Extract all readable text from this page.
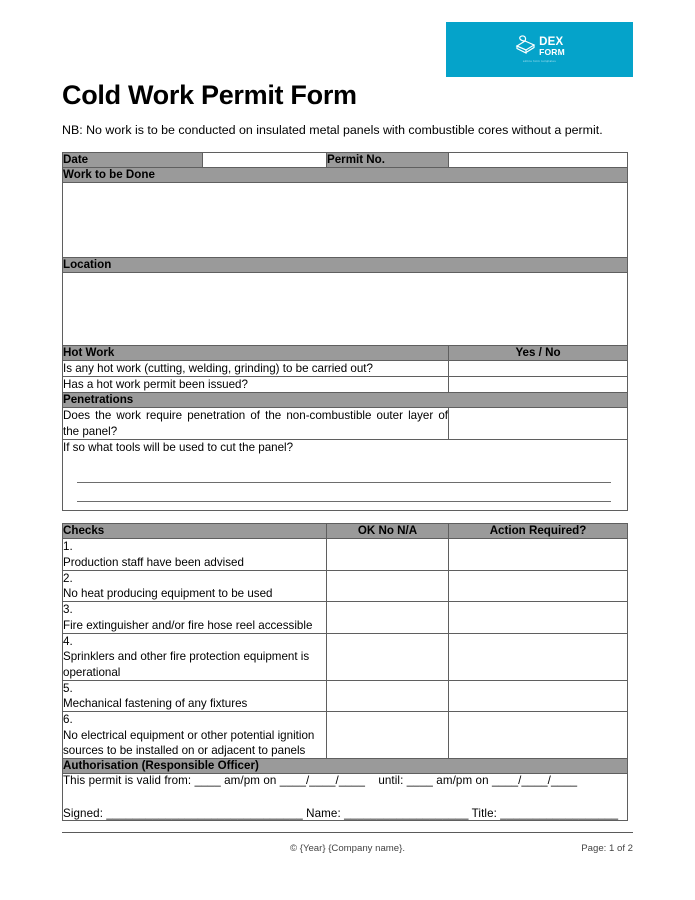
DEX
FORM
online form templates
Cold Work Permit Form

NB: No work is to be conducted on insulated metal panels with combustible cores without a permit.

Date		Permit No.	
Work to be Done			

Location			

Hot Work			Yes / No
Is any hot work (cutting, welding, grinding) to be carried out?			
Has a hot work permit been issued?			
Penetrations			
Does the work require penetration of the non-combustible outer layer of the panel?			

If so what tools will be used to cut the panel?			

Checks		OK No N/A	Action Required?
1.Production staff have been advised			
2.No heat producing equipment to be used			
3.Fire extinguisher and/or fire hose reel accessible			
4.Sprinklers and other fire protection equipment is operational			
5.Mechanical fastening of any fixtures			
6.No electrical equipment or other potential ignition sources to be installed on or adjacent to panels			
Authorisation (Responsible Officer)			

This permit is valid from: ____ am/pm on ____/____/____ until: ____ am/pm on ____/____/____
Signed: ______________________________ Name: ___________________ Title: __________________			
© {Year} {Company name}.	Page: 1 of 2
